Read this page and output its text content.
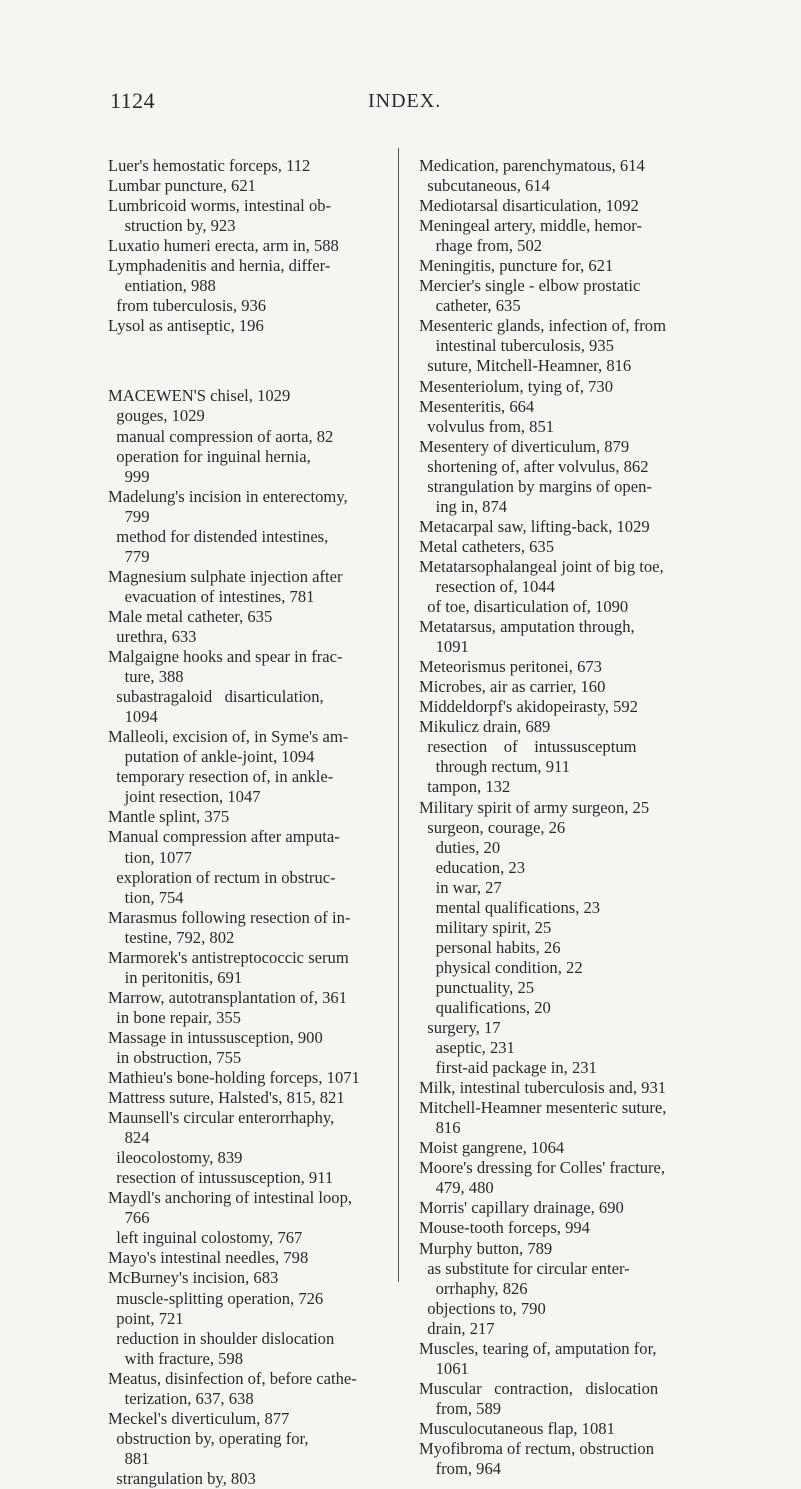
1124	INDEX.
Luer's hemostatic forceps, 112
Lumbar puncture, 621
Lumbricoid worms, intestinal ob-
struction by, 923
Luxatio humeri erecta, arm in, 588
Lymphadenitis and hernia, differ-
entiation, 988
from tuberculosis, 936
Lysol as antiseptic, 196
MACEWEN'S chisel, 1029
gouges, 1029
manual compression of aorta, 82
operation for inguinal hernia,
999
Madelung's incision in enterectomy,
799
method for distended intestines,
779
Magnesium sulphate injection after
evacuation of intestines, 781
Male metal catheter, 635
urethra, 633
Malgaigne hooks and spear in frac-
ture, 388
subastragaloid   disarticulation,
1094
Malleoli, excision of, in Syme's am-
putation of ankle-joint, 1094
temporary resection of, in ankle-
joint resection, 1047
Mantle splint, 375
Manual compression after amputa-
tion, 1077
exploration of rectum in obstruc-
tion, 754
Marasmus following resection of in-
testine, 792, 802
Marmorek's antistreptococcic serum
in peritonitis, 691
Marrow, autotransplantation of, 361
in bone repair, 355
Massage in intussusception, 900
in obstruction, 755
Mathieu's bone-holding forceps, 1071
Mattress suture, Halsted's, 815, 821
Maunsell's circular enterorrhaphy,
824
ileocolostomy, 839
resection of intussusception, 911
Maydl's anchoring of intestinal loop,
766
left inguinal colostomy, 767
Mayo's intestinal needles, 798
McBurney's incision, 683
muscle-splitting operation, 726
point, 721
reduction in shoulder dislocation
with fracture, 598
Meatus, disinfection of, before cathe-
terization, 637, 638
Meckel's diverticulum, 877
obstruction by, operating for,
881
strangulation by, 803
Medication, parenchymatous, 614
subcutaneous, 614
Mediotarsal disarticulation, 1092
Meningeal artery, middle, hemor-
rhage from, 502
Meningitis, puncture for, 621
Mercier's single - elbow prostatic
catheter, 635
Mesenteric glands, infection of, from
intestinal tuberculosis, 935
suture, Mitchell-Heamner, 816
Mesenteriolum, tying of, 730
Mesenteritis, 664
volvulus from, 851
Mesentery of diverticulum, 879
shortening of, after volvulus, 862
strangulation by margins of open-
ing in, 874
Metacarpal saw, lifting-back, 1029
Metal catheters, 635
Metatarsophalangeal joint of big toe,
resection of, 1044
of toe, disarticulation of, 1090
Metatarsus, amputation through,
1091
Meteorismus peritonei, 673
Microbes, air as carrier, 160
Middeldorpf's akidopeirasty, 592
Mikulicz drain, 689
resection    of    intussusceptum
through rectum, 911
tampon, 132
Military spirit of army surgeon, 25
surgeon, courage, 26
duties, 20
education, 23
in war, 27
mental qualifications, 23
military spirit, 25
personal habits, 26
physical condition, 22
punctuality, 25
qualifications, 20
surgery, 17
aseptic, 231
first-aid package in, 231
Milk, intestinal tuberculosis and, 931
Mitchell-Heamner mesenteric suture,
816
Moist gangrene, 1064
Moore's dressing for Colles' fracture,
479, 480
Morris' capillary drainage, 690
Mouse-tooth forceps, 994
Murphy button, 789
as substitute for circular enter-
orrhaphy, 826
objections to, 790
drain, 217
Muscles, tearing of, amputation for,
1061
Muscular   contraction,   dislocation
from, 589
Musculocutaneous flap, 1081
Myofibroma of rectum, obstruction
from, 964
